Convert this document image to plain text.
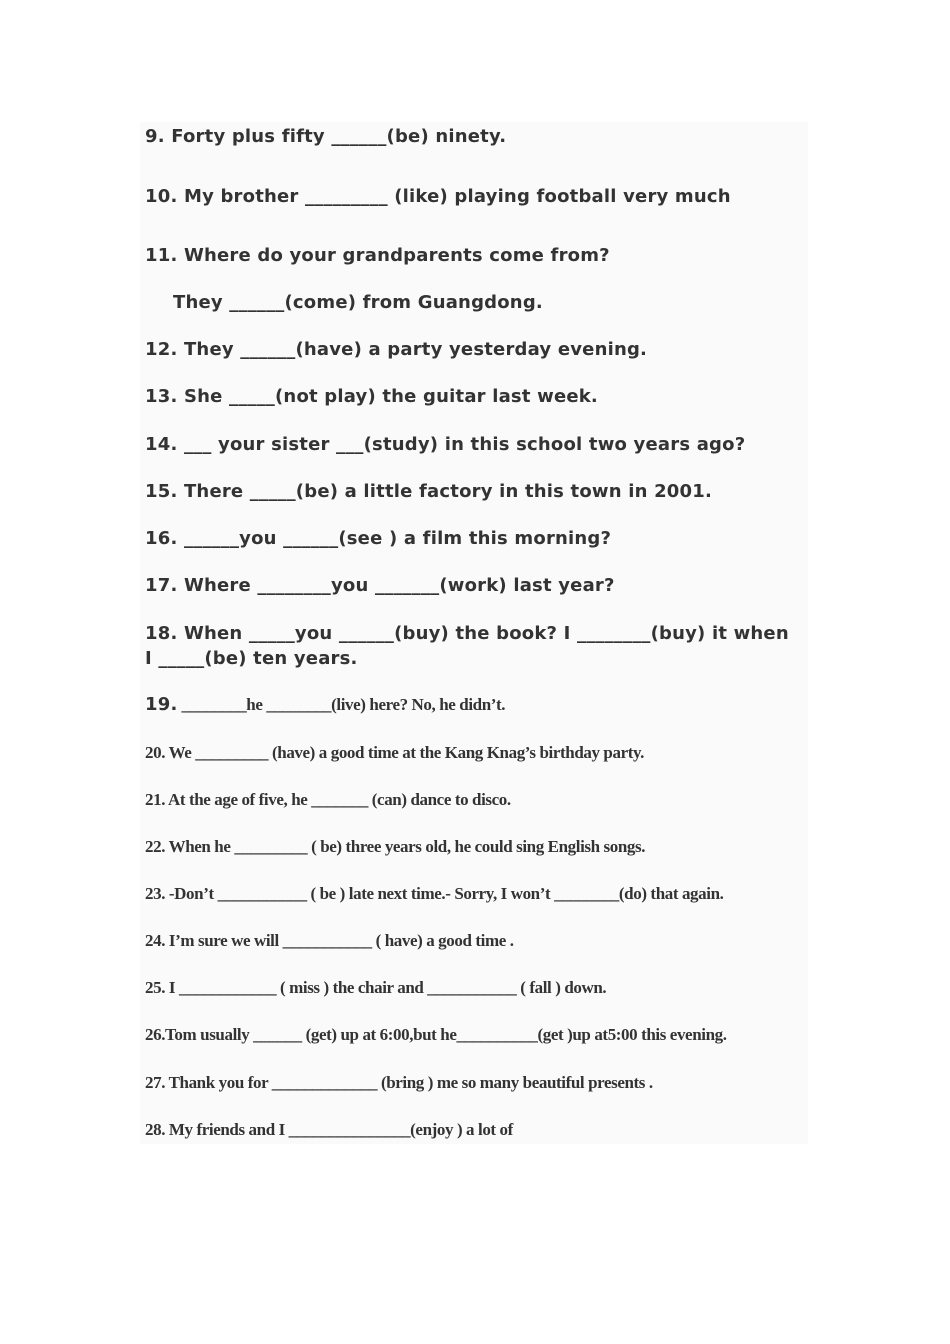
9. Forty plus fifty ______(be) ninety.
10. My brother _________ (like) playing football very much
11. Where do your grandparents come from?
They ______(come) from Guangdong.
12. They ______(have) a party yesterday evening.
13. She _____(not play) the guitar last week.
14. ___ your sister ___(study) in this school two years ago?
15. There _____(be) a little factory in this town in 2001.
16. ______you ______(see ) a film this morning?
17. Where ________you _______(work) last year?
18. When _____you ______(buy) the book? I ________(buy) it when I _____(be) ten years.
19. ________he ________(live) here? No, he didn’t.
20. We _________ (have) a good time at the Kang Knag’s birthday party.
21. At the age of five, he _______ (can) dance to disco.
22. When he _________ ( be) three years old, he could sing English songs.
23. -Don’t ___________ ( be ) late next time.- Sorry, I won’t ________(do) that again.
24. I’m sure we will ___________ ( have) a good time .
25. I ____________ ( miss ) the chair and ___________ ( fall ) down.
26.Tom usually ______ (get) up at 6:00,but he__________(get )up at5:00 this evening.
27. Thank you for _____________ (bring ) me so many beautiful presents .
28. My friends and I _______________(enjoy ) a lot of
